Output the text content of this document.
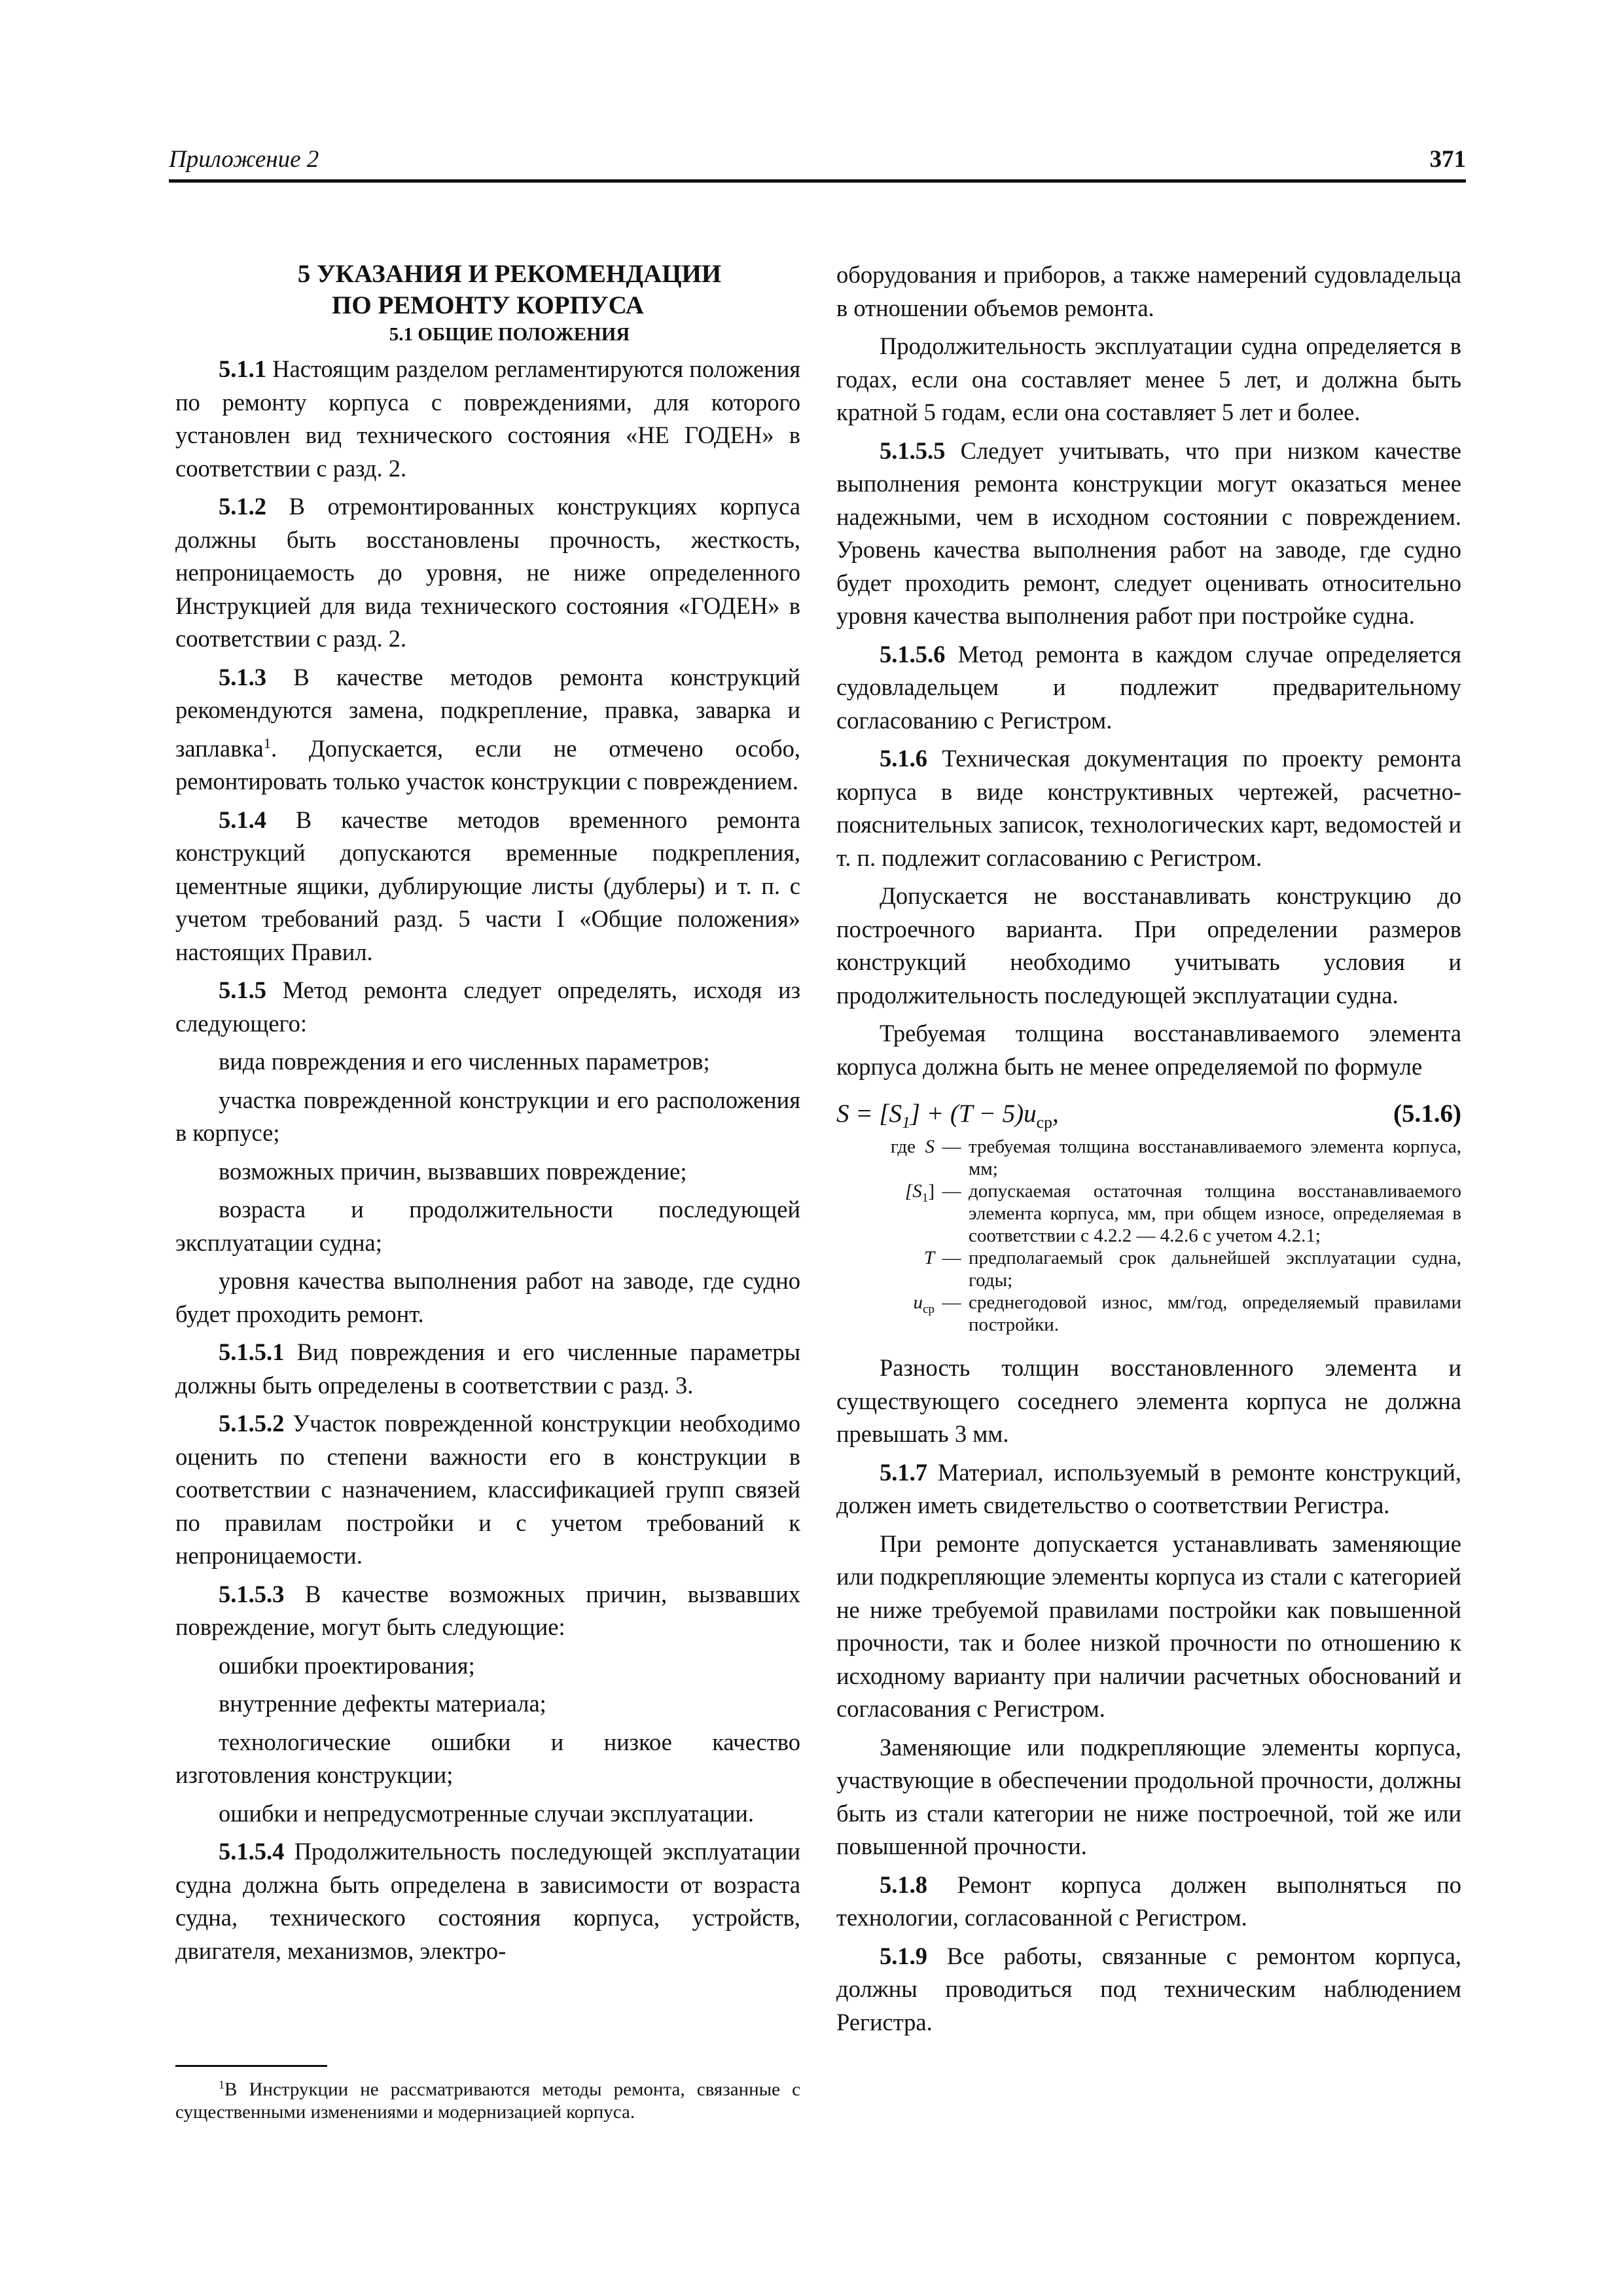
Приложение 2	371

5 УКАЗАНИЯ И РЕКОМЕНДАЦИИ
ПО РЕМОНТУ КОРПУСА

5.1 ОБЩИЕ ПОЛОЖЕНИЯ

5.1.1 Настоящим разделом регламентируются положения по ремонту корпуса с повреждениями, для которого установлен вид технического состояния «НЕ ГОДЕН» в соответствии с разд. 2.

5.1.2 В отремонтированных конструкциях корпуса должны быть восстановлены прочность, жесткость, непроницаемость до уровня, не ниже определенного Инструкцией для вида технического состояния «ГОДЕН» в соответствии с разд. 2.

5.1.3 В качестве методов ремонта конструкций рекомендуются замена, подкрепление, правка, заварка и заплавка$^1$. Допускается, если не отмечено особо, ремонтировать только участок конструкции с повреждением.

5.1.4 В качестве методов временного ремонта конструкций допускаются временные подкрепления, цементные ящики, дублирующие листы (дублеры) и т. п. с учетом требований разд. 5 части I «Общие положения» настоящих Правил.

5.1.5 Метод ремонта следует определять, исходя из следующего:

вида повреждения и его численных параметров;

участка поврежденной конструкции и его расположения в корпусе;

возможных причин, вызвавших повреждение;

возраста и продолжительности последующей эксплуатации судна;

уровня качества выполнения работ на заводе, где судно будет проходить ремонт.

5.1.5.1 Вид повреждения и его численные параметры должны быть определены в соответствии с разд. 3.

5.1.5.2 Участок поврежденной конструкции необходимо оценить по степени важности его в конструкции в соответствии с назначением, классификацией групп связей по правилам постройки и с учетом требований к непроницаемости.

5.1.5.3 В качестве возможных причин, вызвавших повреждение, могут быть следующие:

ошибки проектирования;

внутренние дефекты материала;

технологические ошибки и низкое качество изготовления конструкции;

ошибки и непредусмотренные случаи эксплуатации.

5.1.5.4 Продолжительность последующей эксплуатации судна должна быть определена в зависимости от возраста судна, технического состояния корпуса, устройств, двигателя, механизмов, электро-

$^1$В Инструкции не рассматриваются методы ремонта, связанные с существенными изменениями и модернизацией корпуса.

оборудования и приборов, а также намерений судовладельца в отношении объемов ремонта.

Продолжительность эксплуатации судна определяется в годах, если она составляет менее 5 лет, и должна быть кратной 5 годам, если она составляет 5 лет и более.

5.1.5.5 Следует учитывать, что при низком качестве выполнения ремонта конструкции могут оказаться менее надежными, чем в исходном состоянии с повреждением. Уровень качества выполнения работ на заводе, где судно будет проходить ремонт, следует оценивать относительно уровня качества выполнения работ при постройке судна.

5.1.5.6 Метод ремонта в каждом случае определяется судовладельцем и подлежит предварительному согласованию с Регистром.

5.1.6 Техническая документация по проекту ремонта корпуса в виде конструктивных чертежей, расчетно-пояснительных записок, технологических карт, ведомостей и т. п. подлежит согласованию с Регистром.

Допускается не восстанавливать конструкцию до построечного варианта. При определении размеров конструкций необходимо учитывать условия и продолжительность последующей эксплуатации судна.

Требуемая толщина восстанавливаемого элемента корпуса должна быть не менее определяемой по формуле

$S = [S_1] + (T - 5)u_{ср}$,	(5.1.6)
где S — требуемая толщина восстанавливаемого элемента корпуса, мм;
$[S_1]$ — допускаемая остаточная толщина восстанавливаемого элемента корпуса, мм, при общем износе, определяемая в соответствии с 4.2.2 — 4.2.6 с учетом 4.2.1;
T — предполагаемый срок дальнейшей эксплуатации судна, годы;
$u_{ср}$ — среднегодовой износ, мм/год, определяемый правилами постройки.

Разность толщин восстановленного элемента и существующего соседнего элемента корпуса не должна превышать 3 мм.

5.1.7 Материал, используемый в ремонте конструкций, должен иметь свидетельство о соответствии Регистра.

При ремонте допускается устанавливать заменяющие или подкрепляющие элементы корпуса из стали с категорией не ниже требуемой правилами постройки как повышенной прочности, так и более низкой прочности по отношению к исходному варианту при наличии расчетных обоснований и согласования с Регистром.

Заменяющие или подкрепляющие элементы корпуса, участвующие в обеспечении продольной прочности, должны быть из стали категории не ниже построечной, той же или повышенной прочности.

5.1.8 Ремонт корпуса должен выполняться по технологии, согласованной с Регистром.

5.1.9 Все работы, связанные с ремонтом корпуса, должны проводиться под техническим наблюдением Регистра.
